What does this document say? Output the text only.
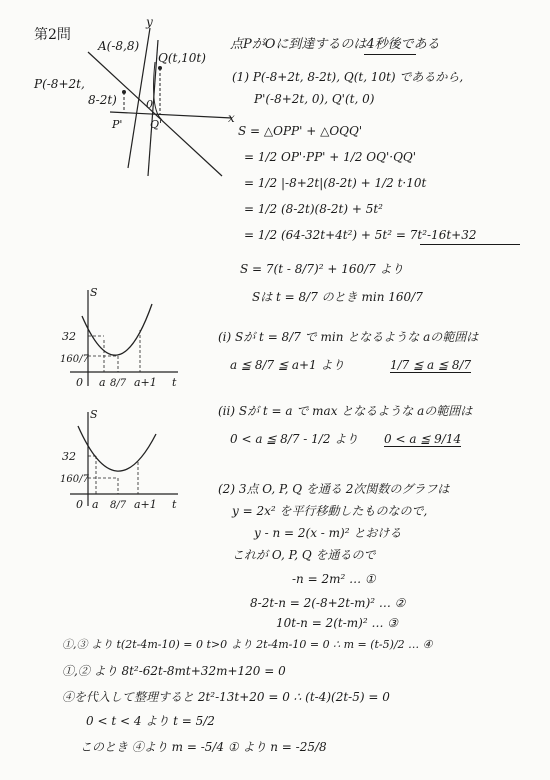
第2問
点PがOに到達するのは4秒後である
y
x
0
A(-8,8)
Q(t,10t)
P(-8+2t,
8-2t)
P'	Q'
(1) P(-8+2t, 8-2t), Q(t, 10t) であるから,
P'(-8+2t, 0), Q'(t, 0)
S = △OPP' + △OQQ'
= 1/2 OP'·PP' + 1/2 OQ'·QQ'
= 1/2 |-8+2t|(8-2t) + 1/2 t·10t
= 1/2 (8-2t)(8-2t) + 5t²
= 1/2 (64-32t+4t²) + 5t² = 7t²-16t+32
S = 7(t - 8/7)² + 160/7 より
Sは t = 8/7 のとき min 160/7
S
32
160/7
0 a 8/7 a+1 t
(i) Sが t = 8/7 で min となるような aの範囲は
a ≦ 8/7 ≦ a+1 より	1/7 ≦ a ≦ 8/7
S
32
160/7
0 a 8/7 a+1 t
(ii) Sが t = a で max となるような aの範囲は
0 < a ≦ 8/7 - 1/2 より 0 < a ≦ 9/14
(2) 3点 O, P, Q を通る 2次関数のグラフは
y = 2x² を平行移動したものなので,
y - n = 2(x - m)² とおける
これが O, P, Q を通るので
-n = 2m² … ①
8-2t-n = 2(-8+2t-m)² … ②
10t-n = 2(t-m)² … ③
①,③ より t(2t-4m-10) = 0 t>0 より 2t-4m-10 = 0 ∴ m = (t-5)/2 … ④
①,② より 8t²-62t-8mt+32m+120 = 0
④を代入して整理すると 2t²-13t+20 = 0 ∴ (t-4)(2t-5) = 0
0 < t < 4 より t = 5/2
このとき ④より m = -5/4 ① より n = -25/8
